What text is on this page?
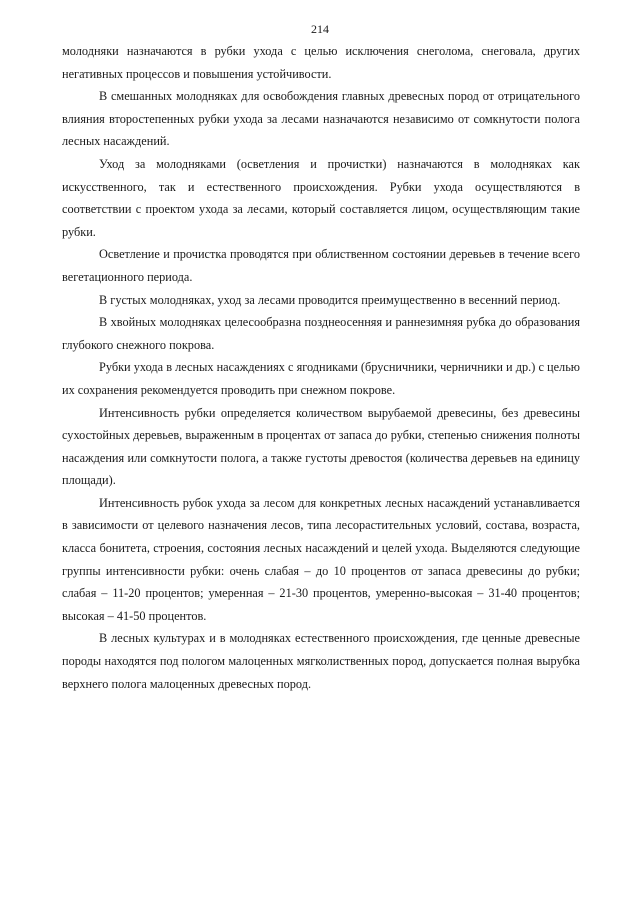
214

молодняки назначаются в рубки ухода с целью исключения снеголома, снеговала, других негативных процессов и повышения устойчивости.

В смешанных молодняках для освобождения главных древесных пород от отрицательного влияния второстепенных рубки ухода за лесами назначаются независимо от сомкнутости полога лесных насаждений.

Уход за молодняками (осветления и прочистки) назначаются в молодняках как искусственного, так и естественного происхождения. Рубки ухода осуществляются в соответствии с проектом ухода за лесами, который составляется лицом, осуществляющим такие рубки.

Осветление и прочистка проводятся при облиственном состоянии деревьев в течение всего вегетационного периода.

В густых молодняках, уход за лесами проводится преимущественно в весенний период.

В хвойных молодняках целесообразна позднеосенняя и раннезимняя рубка до образования глубокого снежного покрова.

Рубки ухода в лесных насаждениях с ягодниками (брусничники, черничники и др.) с целью их сохранения рекомендуется проводить при снежном покрове.

Интенсивность рубки определяется количеством вырубаемой древесины, без древесины сухостойных деревьев, выраженным в процентах от запаса до рубки, степенью снижения полноты насаждения или сомкнутости полога, а также густоты древостоя (количества деревьев на единицу площади).

Интенсивность рубок ухода за лесом для конкретных лесных насаждений устанавливается в зависимости от целевого назначения лесов, типа лесорастительных условий, состава, возраста, класса бонитета, строения, состояния лесных насаждений и целей ухода. Выделяются следующие группы интенсивности рубки: очень слабая – до 10 процентов от запаса древесины до рубки; слабая – 11-20 процентов; умеренная – 21-30 процентов, умеренно-высокая – 31-40 процентов; высокая – 41-50 процентов.

В лесных культурах и в молодняках естественного происхождения, где ценные древесные породы находятся под пологом малоценных мягколиственных пород, допускается полная вырубка верхнего полога малоценных древесных пород.
